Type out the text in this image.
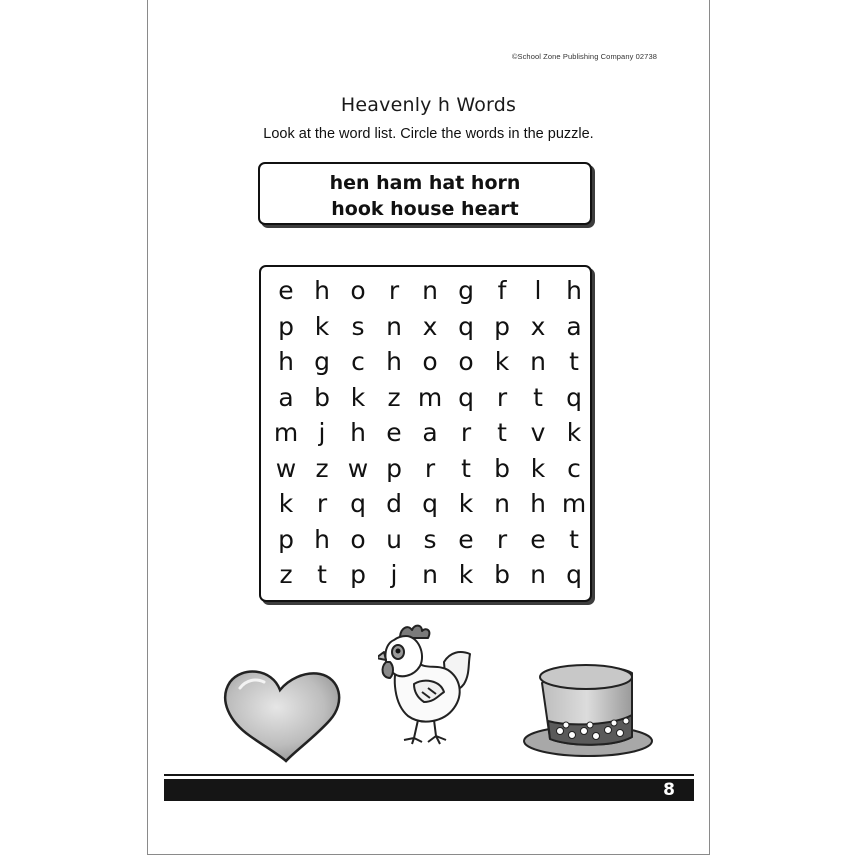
©School Zone Publishing Company 02738
Heavenly h Words
Look at the word list. Circle the words in the puzzle.
hen ham hat horn
hook house heart
e h o r n g f	l h
p k s n x q p x a
h g c h o o k n t
a b k z m q r	t q
m j h e a r	t v k
w z w p r	t b k c
k r q d q k n h m
p h o u s e r e t
z t p j n k b n q
8
